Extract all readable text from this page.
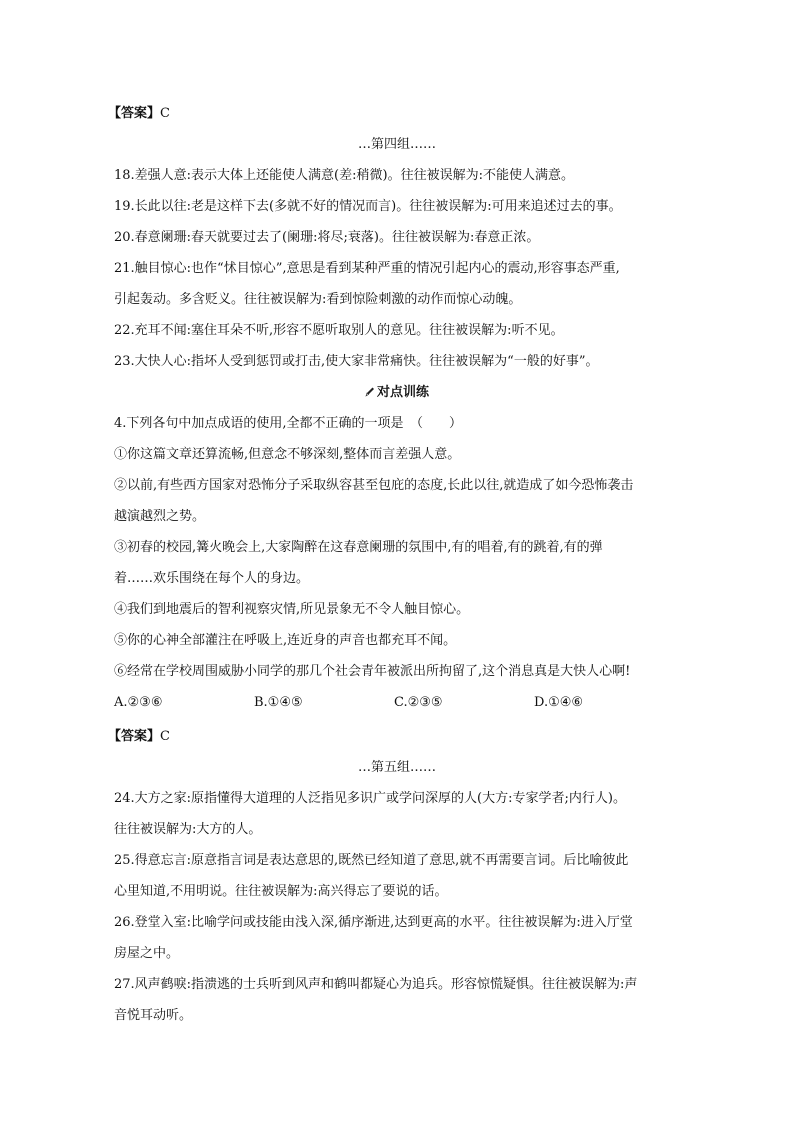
【答案】C
…第四组……
18.差强人意:表示大体上还能使人满意(差:稍微)。往往被误解为:不能使人满意。
19.长此以往:老是这样下去(多就不好的情况而言)。往往被误解为:可用来追述过去的事。
20.春意阑珊:春天就要过去了(阑珊:将尽;衰落)。往往被误解为:春意正浓。
21.触目惊心:也作“怵目惊心”,意思是看到某种严重的情况引起内心的震动,形容事态严重,
引起轰动。多含贬义。往往被误解为:看到惊险刺激的动作而惊心动魄。
22.充耳不闻:塞住耳朵不听,形容不愿听取别人的意见。往往被误解为:听不见。
23.大快人心:指坏人受到惩罚或打击,使大家非常痛快。往往被误解为“一般的好事”。
对点训练
4.下列各句中加点成语的使用,全都不正确的一项是　（　　）
①你这篇文章还算流畅,但意念不够深刻,整体而言差强人意。
②以前,有些西方国家对恐怖分子采取纵容甚至包庇的态度,长此以往,就造成了如今恐怖袭击
越演越烈之势。
③初春的校园,篝火晚会上,大家陶醉在这春意阑珊的氛围中,有的唱着,有的跳着,有的弹
着……欢乐围绕在每个人的身边。
④我们到地震后的智利视察灾情,所见景象无不令人触目惊心。
⑤你的心神全部灌注在呼吸上,连近身的声音也都充耳不闻。
⑥经常在学校周围威胁小同学的那几个社会青年被派出所拘留了,这个消息真是大快人心啊!
A.②③⑥	B.①④⑤	C.②③⑤	D.①④⑥
【答案】C
…第五组……
24.大方之家:原指懂得大道理的人泛指见多识广或学问深厚的人(大方:专家学者;内行人)。
往往被误解为:大方的人。
25.得意忘言:原意指言词是表达意思的,既然已经知道了意思,就不再需要言词。后比喻彼此
心里知道,不用明说。往往被误解为:高兴得忘了要说的话。
26.登堂入室:比喻学问或技能由浅入深,循序渐进,达到更高的水平。往往被误解为:进入厅堂
房屋之中。
27.风声鹤唳:指溃逃的士兵听到风声和鹤叫都疑心为追兵。形容惊慌疑惧。往往被误解为:声
音悦耳动听。
